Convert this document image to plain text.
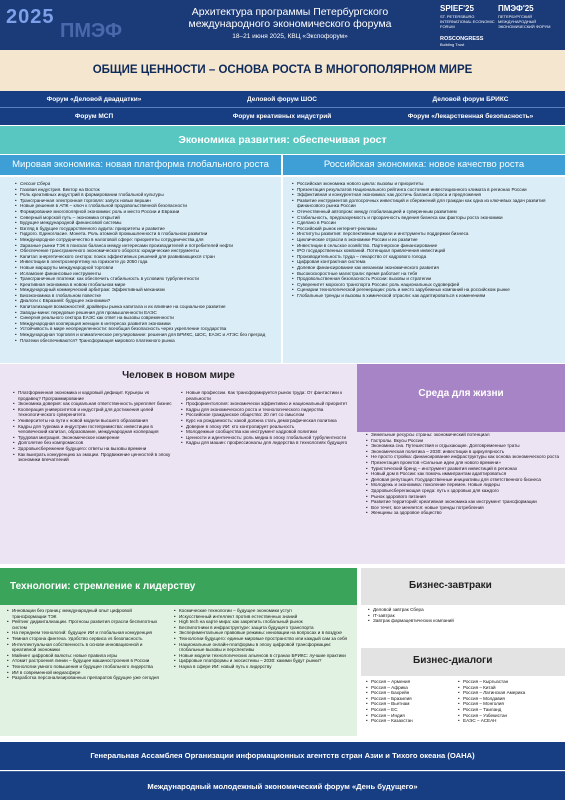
2025
ПМЭФ
Архитектура программы Петербургского международного экономического форума
18–21 июня 2025, КВЦ «Экспофорум»
SPIEF'25	ПМЭФ'25
ST. PETERSBURG INTERNATIONAL ECONOMIC FORUM
ПЕТЕРБУРГСКИЙ МЕЖДУНАРОДНЫЙ ЭКОНОМИЧЕСКИЙ ФОРУМ
ROSCONGRESS
Building Trust
ОБЩИЕ ЦЕННОСТИ – ОСНОВА РОСТА В МНОГОПОЛЯРНОМ МИРЕ
Форум «Деловой двадцатки»	Деловой форум ШОС	Деловой форум БРИКС
Форум МСП	Форум креативных индустрий	Форум «Лекарственная безопасность»
Экономика развития: обеспечивая рост
Мировая экономика: новая платформа глобального роста	Российская экономика: новое качество роста
• Сессия Сбера
• Газовая индустрия. Вектор на Восток
• Роль креативных индустрий в формировании глобальной культуры
• Трансграничная электронная торговля: запуск новых вершин
• Новые решения в АПК – ключ к глобальной продовольственной безопасности
• Формирование многополярной экономики: роль и место России и Евразии
• Северный морской путь – экономика открытий
• Будущее международной финансовой системы
• Взгляд в будущее государственного аудита: приоритеты и развитие
• Гидрого. Единогласие. Монета. Роль атомной промышленности в глобальном развитии
• Международное сотрудничество в налоговой сфере: приоритеты сотрудничества для
• Заразные рынки ТЭК в поисках баланса между интересами производителей и потребителей нефти
• Обеспечение трансграничного экономического оборота: юридические инструменты
• Капитал энергетического сектора: поиск эффективных решений для развивающихся стран
• Инвестиции в электроэнергетику на горизонте до 2050 года
• Новые маршруты международной торговли
• Исламские финансовые инструменты
• Трансграничные платежи: как обеспечить стабильность в условиях турбулентности
• Креативная экономика в новом глобальном мире
• Международный коммерческий арбитраж: Эффективный механизм
• Биоэкономика в глобальном повестке
• Диалоги с Евразией: будущее экономики?
• Капитализация возможностей: драйверы рынка капитала и их влияние на социальное развитие
• Заводы-мини: передовые решения для промышленности ЕАЭС
• Синергия реального сектора ЕАЭС как ответ на вызовы современности
• Международная кооперация женщин в интересах развития экономики
• Устойчивость в мире неопределенности: всеобщая безопасность через укрепление государства
• Международная торговля и климатическое регулирование: решения для БРИКС, ШОС, ЕАЭС и АТЭС без преград
• Платежи обеспечиваются? Трансформация мирового платежного рынка
• Российская экономика нового цикла: вызовы и приоритеты
• Презентация результатов Национального рейтинга состояния инвестиционного климата в регионах России
• Эффективная и конкурентная экономика: как достичь баланса спроса и предложения
• Развитие инструментов долгосрочных инвестиций и сбережений для граждан как одна из ключевых задач развития финансового рынка России
• Отечественный автопром: между глобализацией и суверенным развитием
• Стабильность, предсказуемость и прозрачность ведения бизнеса как факторы роста экономики
• Сделано в России
• Российский рынок интернет-рекламы
• Институты развития: перспективные модели и инструменты поддержки бизнеса
• Циклические отрасли в экономике России и их развитие
• Инвестиции в сельское хозяйство. Партнерское финансирование
• IPO государственных компаний. Потенциал привлечения инвестиций
• Производительность труда – лекарство от кадрового голода
• Цифровая контрактная система
• Долевое финансирование как механизм экономического развития
• Высокоскоростные магистрали: время работает на тебя
• Продовольственная безопасность России: вызовы и стратегии
• Суверенитет морского транспорта России: роль национальных судоверфей
• Сценарии технологической регенерации: роль и место зарубежных компаний на российском рынке
• Глобальные тренды и вызовы в химической отрасли: как адаптироваться к изменениям
Человек в новом мире
Среда для жизни
• Платформенная экономика и кадровый дефицит. Курьеры vs продавец? Программирование
• Экономика доверия: как социальная ответственность укрепляет бизнес
• Кооперация университетов и индустрий для достижения целей технологического суверенитета
• Университеты на пути к новой модели высшего образования
• Кадры для туризма и индустрии гостеприимства: инвестиции в человеческий капитал, образование, международная кооперация
• Трудовая миграция. Экономическое измерение
• Долголетие без компромиссов
• Здоровьесбережение будущего: ответы на вызовы времени
• Как выиграть конкуренцию за эмоции. Продвижение ценностей в эпоху экономики впечатлений
• Новые профессии. Как трансформируется рынок труда: От фантастики к реальности
• Профориентология: экономически эффективно и национальный приоритет
• Кадры для экономического роста и технологического лидерства
• Российское гражданское общество: 20 лет со смыслом
• Курс на рождаемость: какой должна стать демографическая политика
• Доверие в эпоху ИИ: кто контролирует реальность
• Молодежные сообщества как инструмент кадровой политики
• Ценности и идентичность: роль медиа в эпоху глобальной турбулентности
• Кадры для машин: профессионалы для лидерства в технологиях будущего
• Земельные ресурсы страны: экономический потенциал
• Гастролы. Вкусы России
• Экономика сна. Путешествия и отдыхающие. Долговременные траты
• Экономическая политика – 2030: инвестиции в циркулярность
• Не просто стройка: финансирование инфраструктуры как основа экономического роста
• Презентация проектов «Сильные идеи для нового времени»
• Туристический бренд – инструмент развития инвестиций в регионах
• Новый дом в России: как помочь иммигрантам адаптироваться
• Деловая репутация. Государственные инициативы для ответственного бизнеса
• Молодежь и экономика: поколение перемен. Новые лидеры
• Здоровьесберегающая среда: путь к здоровью для каждого
• Рынок здорового питания
• Развитие территорий: креативная экономика как инструмент трансформации
• Все течет, все меняется: новые тренды потребления
• Женщины за здоровое общество
Технологии: стремление к лидерству
• Инновации без границ: международный опыт цифровой трансформации ТЭК
• Рейтинг диджитализации. Прогнозы развития отрасли беспилотных систем
• На переднем технологий: будущее ИИ и глобальная конкуренция
• Темная сторона финтеха. Удобство сервиса vs безопасность
• Интеллектуальная собственность в основе инновационной и креативной экономики
• Майнинг цифровой валюты: новые правила игры
• Атомит растроения линии – будущее машиностроения в России
• Технологии умного повышения и будущее глобального лидерства
• ИИ в современной медиасфере
• Разработка персонализированных препаратов будущее уже сегодня
• Космические технологии – будущее экономики уступ
• Искусственный интеллект против естественных знаний
• High tech на карте мира: как закрепить глобальный рынок
• Беспилотники в инфраструктуре: защита будущего транспорта
• Экспериментальные правовые режимы: инновации на вопросах и в воздухе
• Технологии будущего: единые мировые пространство или каждый сам за себя
• Национальные онлайн-платформы в эпоху цифровой трансформации: глобальные вызовы и перспективы
• Новые модели технологических альянсов в странах БРИКС: лучшие практики
• Цифровые платформы и экосистемы – 2030: какими будут рынки?
• Наука в сфере ИИ: новый путь к лидерству
Бизнес-завтраки
• Деловой завтрак Сбера
• IT-завтрак
• Завтрак фармацевтических компаний
Бизнес-диалоги
• Россия – Армения
• Россия – Африка
• Россия – Бахрейн
• Россия – Бразилия
• Россия – Вьетнам
• Россия – ЕС
• Россия – Индия
• Россия – Казахстан
• Россия – Кыргызстан
• Россия – Китай
• Россия – Латинская Америка
• Россия – Молдавия
• Россия – Монголия
• Россия – Таиланд
• Россия – Узбекистан
• ЕАЭС – АСЕАН
Генеральная Ассамблея Организации информационных агентств стран Азии и Тихого океана (ОАНА)
Международный молодежный экономический форум «День будущего»
